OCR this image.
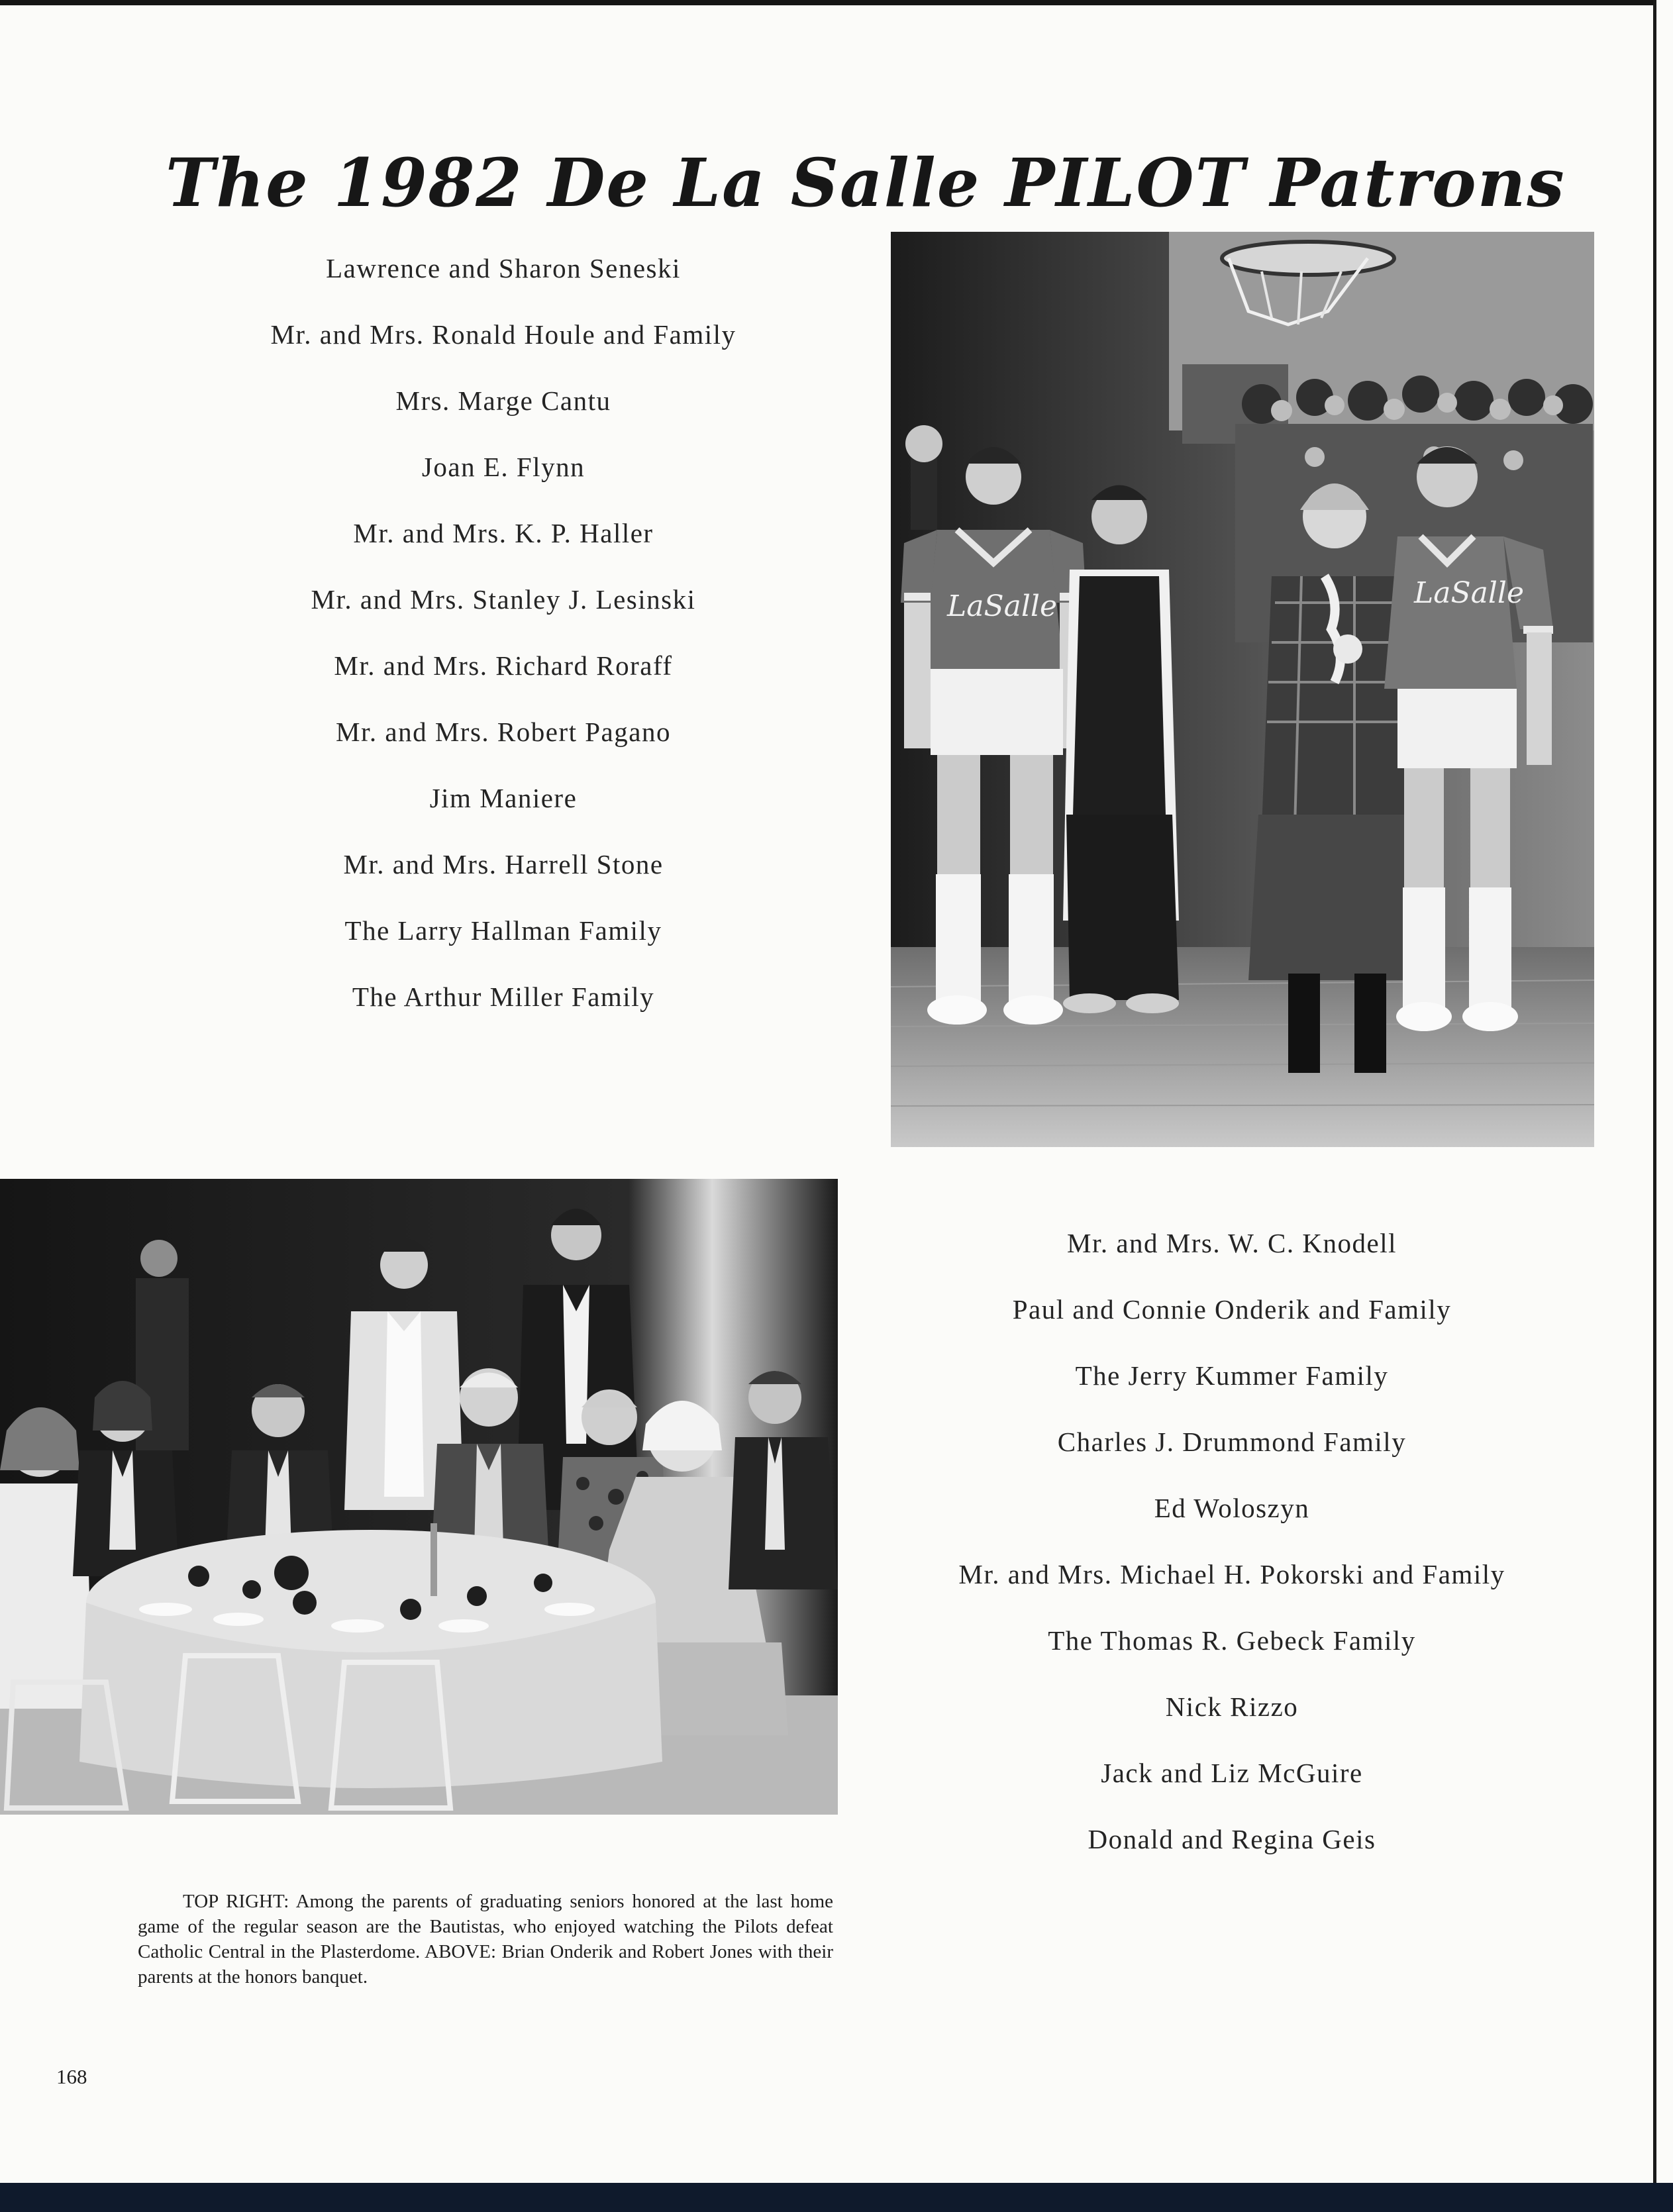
The 1982 De La Salle PILOT Patrons
Lawrence and Sharon Seneski
Mr. and Mrs. Ronald Houle and Family
Mrs. Marge Cantu
Joan E. Flynn
Mr. and Mrs. K. P. Haller
Mr. and Mrs. Stanley J. Lesinski
Mr. and Mrs. Richard Roraff
Mr. and Mrs. Robert Pagano
Jim Maniere
Mr. and Mrs. Harrell Stone
The Larry Hallman Family
The Arthur Miller Family
LaSalle	LaSalle
Mr. and Mrs. W. C. Knodell
Paul and Connie Onderik and Family
The Jerry Kummer Family
Charles J. Drummond Family
Ed Woloszyn
Mr. and Mrs. Michael H. Pokorski and Family
The Thomas R. Gebeck Family
Nick Rizzo
Jack and Liz McGuire
Donald and Regina Geis

TOP RIGHT: Among the parents of graduating seniors honored at the last home game of the regular season are the Bautistas, who enjoyed watching the Pilots defeat Catholic Central in the Plasterdome. ABOVE: Brian Onderik and Robert Jones with their parents at the honors banquet.

168
